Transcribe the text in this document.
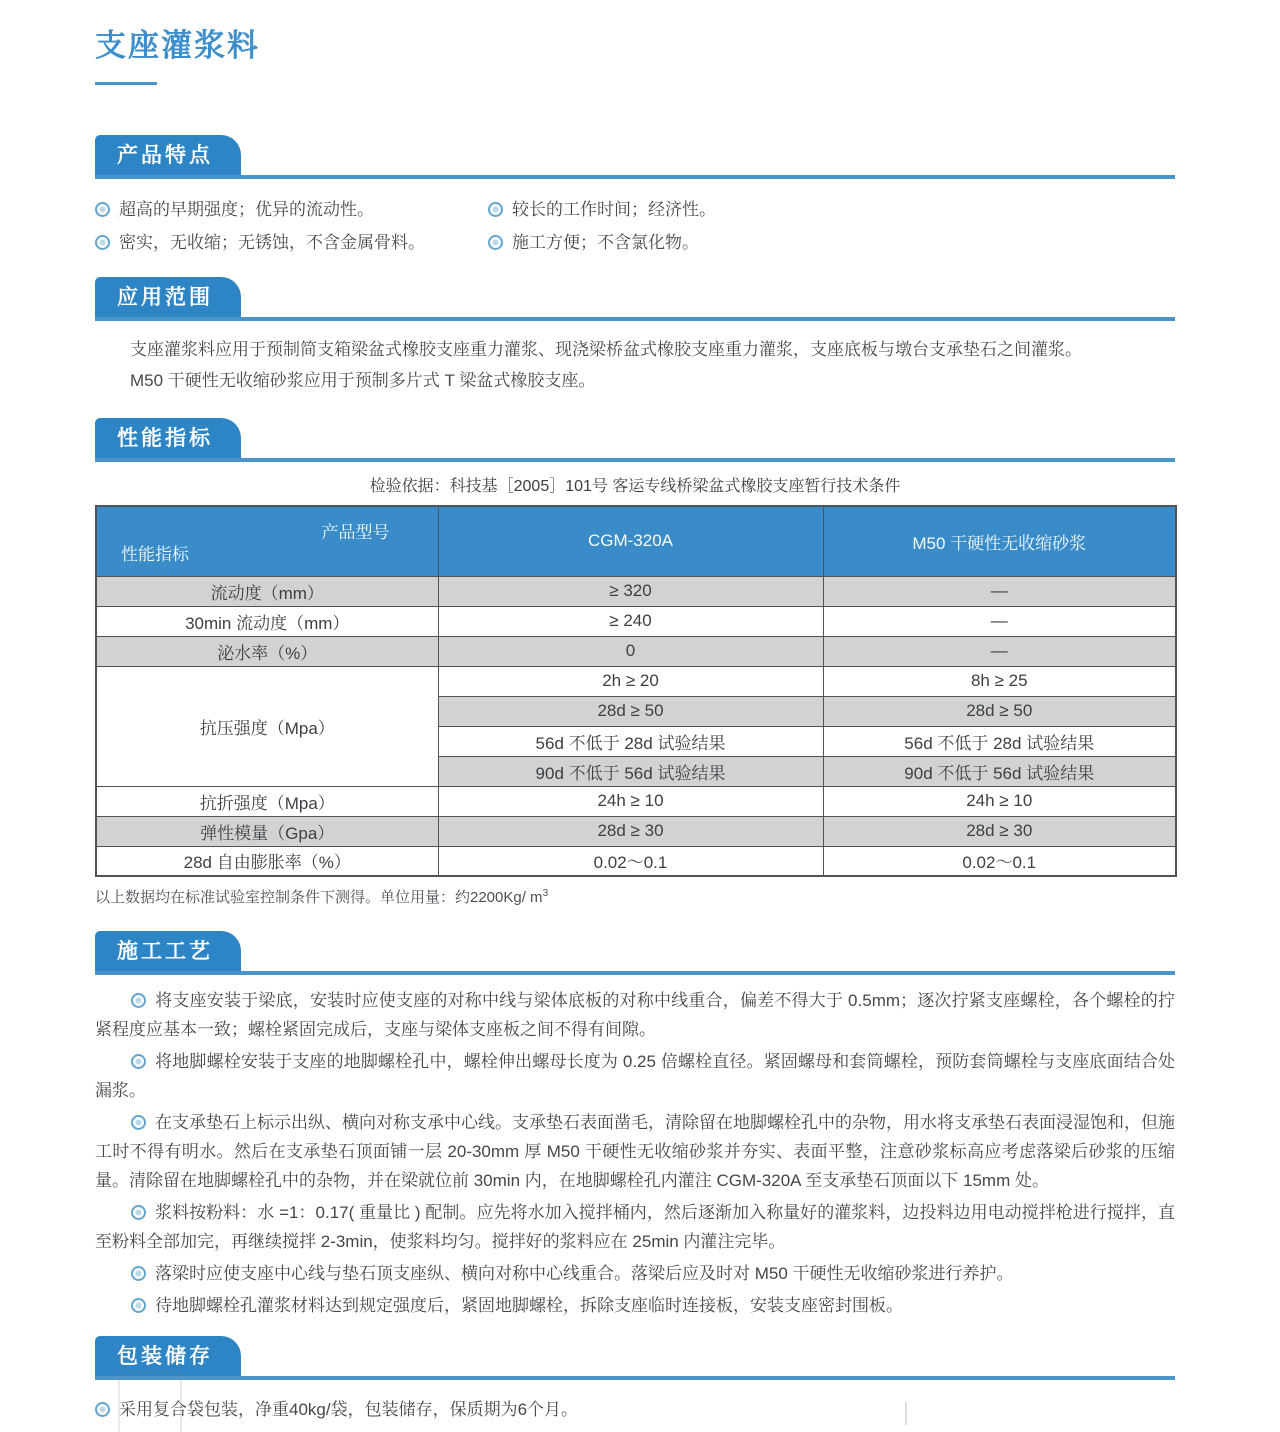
支座灌浆料
产品特点
超高的早期强度；优异的流动性。
密实，无收缩；无锈蚀，不含金属骨料。
较长的工作时间；经济性。
施工方便；不含氯化物。
应用范围

支座灌浆料应用于预制简支箱梁盆式橡胶支座重力灌浆、现浇梁桥盆式橡胶支座重力灌浆，支座底板与墩台支承垫石之间灌浆。

M50 干硬性无收缩砂浆应用于预制多片式 T 梁盆式橡胶支座。

性能指标
检验依据：科技基［2005］101号 客运专线桥梁盆式橡胶支座暂行技术条件
产品型号
性能指标	CGM-320A	M50 干硬性无收缩砂浆
流动度（mm）	≥ 320	—
30min 流动度（mm）	≥ 240	—
泌水率（%）	0	—
抗压强度（Mpa）	2h ≥ 20	8h ≥ 25
	28d ≥ 50	28d ≥ 50
	56d 不低于 28d 试验结果	56d 不低于 28d 试验结果
	90d 不低于 56d 试验结果	90d 不低于 56d 试验结果
抗折强度（Mpa）	24h ≥ 10	24h ≥ 10
弹性模量（Gpa）	28d ≥ 30	28d ≥ 30
28d 自由膨胀率（%）	0.02～0.1	0.02～0.1
以上数据均在标准试验室控制条件下测得。单位用量：约2200Kg/ $m^3$
施工工艺

将支座安装于梁底，安装时应使支座的对称中线与梁体底板的对称中线重合，偏差不得大于 0.5mm；逐次拧紧支座螺栓，各个螺栓的拧紧程度应基本一致；螺栓紧固完成后，支座与梁体支座板之间不得有间隙。

将地脚螺栓安装于支座的地脚螺栓孔中，螺栓伸出螺母长度为 0.25 倍螺栓直径。紧固螺母和套筒螺栓，预防套筒螺栓与支座底面结合处漏浆。

在支承垫石上标示出纵、横向对称支承中心线。支承垫石表面凿毛，清除留在地脚螺栓孔中的杂物，用水将支承垫石表面浸湿饱和，但施工时不得有明水。然后在支承垫石顶面铺一层 20-30mm 厚 M50 干硬性无收缩砂浆并夯实、表面平整，注意砂浆标高应考虑落梁后砂浆的压缩量。清除留在地脚螺栓孔中的杂物，并在梁就位前 30min 内，在地脚螺栓孔内灌注 CGM-320A 至支承垫石顶面以下 15mm 处。

浆料按粉料：水 =1：0.17( 重量比 ) 配制。应先将水加入搅拌桶内，然后逐渐加入称量好的灌浆料，边投料边用电动搅拌枪进行搅拌，直至粉料全部加完，再继续搅拌 2-3min，使浆料均匀。搅拌好的浆料应在 25min 内灌注完毕。

落梁时应使支座中心线与垫石顶支座纵、横向对称中心线重合。落梁后应及时对 M50 干硬性无收缩砂浆进行养护。

待地脚螺栓孔灌浆材料达到规定强度后，紧固地脚螺栓，拆除支座临时连接板，安装支座密封围板。

包装储存
采用复合袋包装，净重40kg/袋，包装储存，保质期为6个月。
